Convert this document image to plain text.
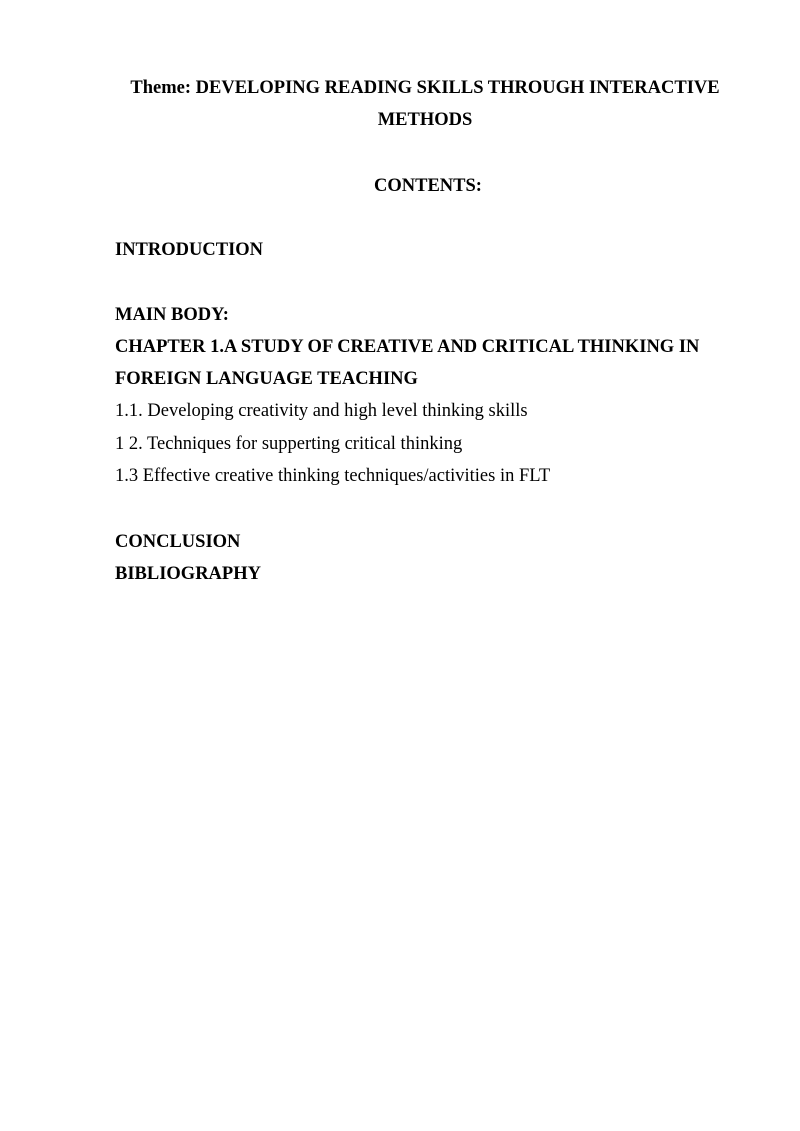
Theme: DEVELOPING READING SKILLS THROUGH INTERACTIVE METHODS
CONTENTS:
INTRODUCTION
MAIN BODY:
CHAPTER 1.A STUDY OF CREATIVE AND CRITICAL THINKING IN
FOREIGN LANGUAGE TEACHING
1.1. Developing creativity and high level thinking skills
1 2. Techniques for supperting critical thinking
1.3 Effective creative thinking techniques/activities in FLT
CONCLUSION
BIBLIOGRAPHY
